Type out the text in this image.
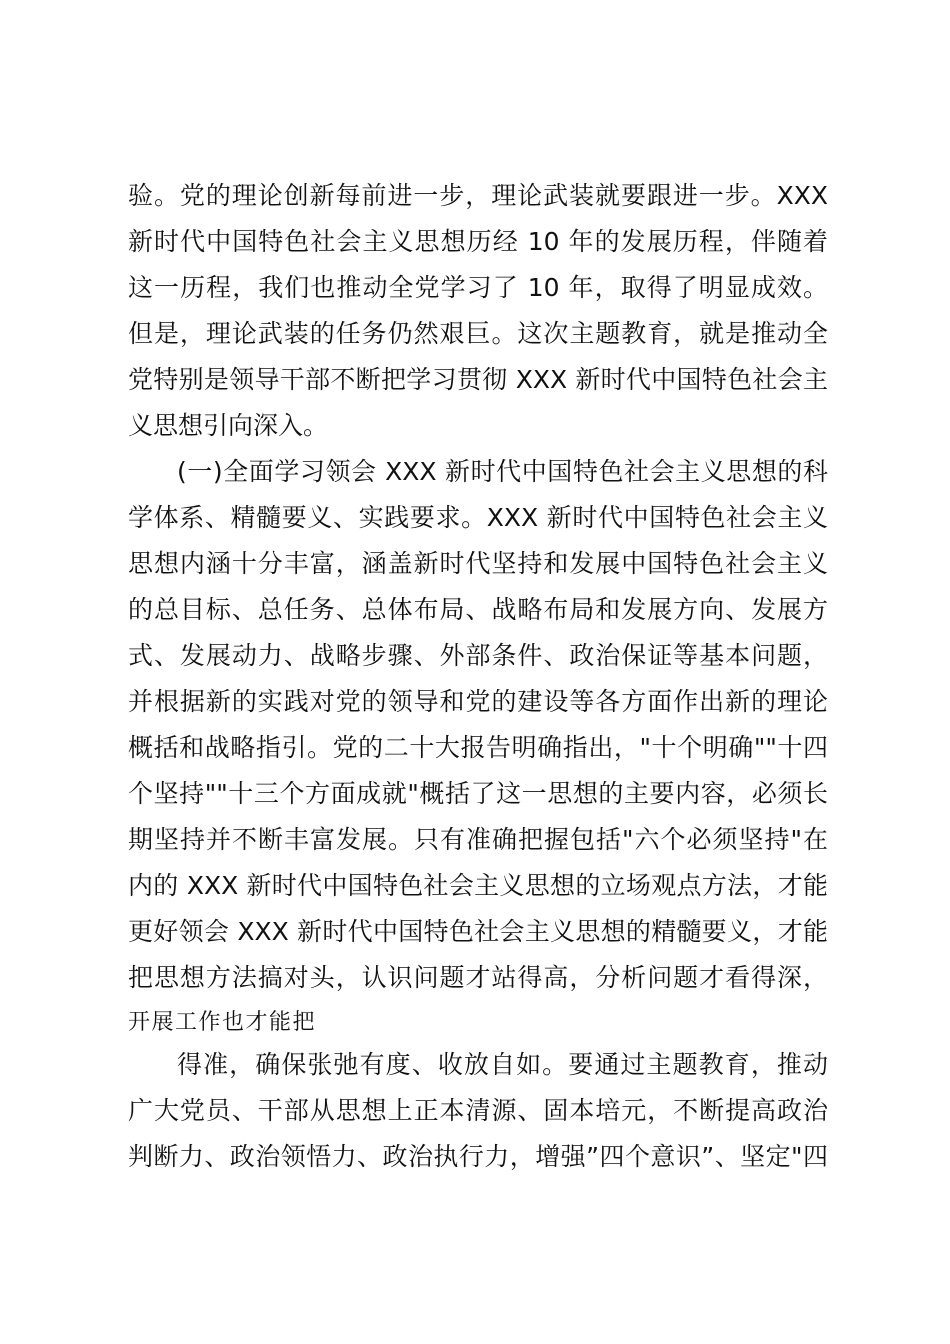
验。党的理论创新每前进一步，理论武装就要跟进一步。XXX
新时代中国特色社会主义思想历经 10 年的发展历程，伴随着
这一历程，我们也推动全党学习了 10 年，取得了明显成效。
但是，理论武装的任务仍然艰巨。这次主题教育，就是推动全
党特别是领导干部不断把学习贯彻 XXX 新时代中国特色社会主
义思想引向深入。
(一)全面学习领会 XXX 新时代中国特色社会主义思想的科
学体系、精髓要义、实践要求。XXX 新时代中国特色社会主义
思想内涵十分丰富，涵盖新时代坚持和发展中国特色社会主义
的总目标、总任务、总体布局、战略布局和发展方向、发展方
式、发展动力、战略步骤、外部条件、政治保证等基本问题，
并根据新的实践对党的领导和党的建设等各方面作出新的理论
概括和战略指引。党的二十大报告明确指出，"十个明确""十四
个坚持""十三个方面成就"概括了这一思想的主要内容，必须长
期坚持并不断丰富发展。只有准确把握包括"六个必须坚持"在
内的 XXX 新时代中国特色社会主义思想的立场观点方法，才能
更好领会 XXX 新时代中国特色社会主义思想的精髓要义，才能
把思想方法搞对头，认识问题才站得高，分析问题才看得深，
开展工作也才能把
得准，确保张弛有度、收放自如。要通过主题教育，推动
广大党员、干部从思想上正本清源、固本培元，不断提高政治
判断力、政治领悟力、政治执行力，增强”四个意识”、坚定"四
